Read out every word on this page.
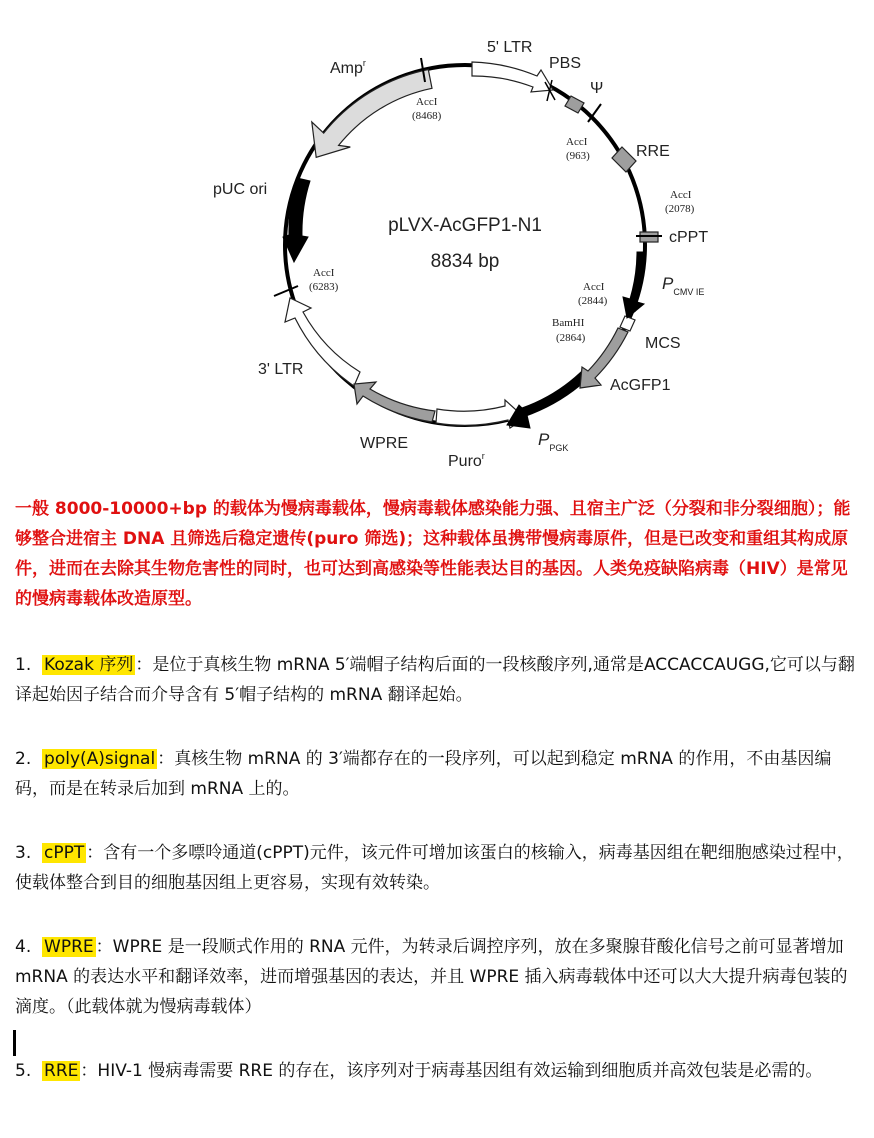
pLVX-AcGFP1-N1
8834 bp
5' LTR
PBS
Ψ
RRE
cPPT
$P_{CMV IE}$
MCS
AcGFP1
$P_{PGK}$
Puro$^r$
WPRE
3' LTR
pUC ori
Amp$^r$
AccI
(8468)
AccI
(963)
AccI
(2078)
AccI
(2844)
BamHI
(2864)
AccI
(6283)

一般 8000-10000+bp 的载体为慢病毒载体，慢病毒载体感染能力强、且宿主广泛（分裂和非分裂细胞）；能够整合进宿主 DNA 且筛选后稳定遗传(puro 筛选)；这种载体虽携带慢病毒原件，但是已改变和重组其构成原件，进而在去除其生物危害性的同时，也可达到高感染等性能表达目的基因。人类免疫缺陷病毒（HIV）是常见的慢病毒载体改造原型。

1. Kozak 序列 ：是位于真核生物 mRNA 5′端帽子结构后面的一段核酸序列,通常是ACCACCAUGG,它可以与翻译起始因子结合而介导含有 5′帽子结构的 mRNA 翻译起始。

2. poly(A)signal ：真核生物 mRNA 的 3′端都存在的一段序列，可以起到稳定 mRNA 的作用，不由基因编码，而是在转录后加到 mRNA 上的。

3. cPPT ：含有一个多嘌呤通道(cPPT)元件，该元件可增加该蛋白的核输入，病毒基因组在靶细胞感染过程中，使载体整合到目的细胞基因组上更容易，实现有效转染。

4. WPRE ：WPRE 是一段顺式作用的 RNA 元件，为转录后调控序列，放在多聚腺苷酸化信号之前可显著增加 mRNA 的表达水平和翻译效率，进而增强基因的表达，并且 WPRE 插入病毒载体中还可以大大提升病毒包装的滴度。（此载体就为慢病毒载体）

5. RRE ：HIV-1 慢病毒需要 RRE 的存在，该序列对于病毒基因组有效运输到细胞质并高效包装是必需的。
